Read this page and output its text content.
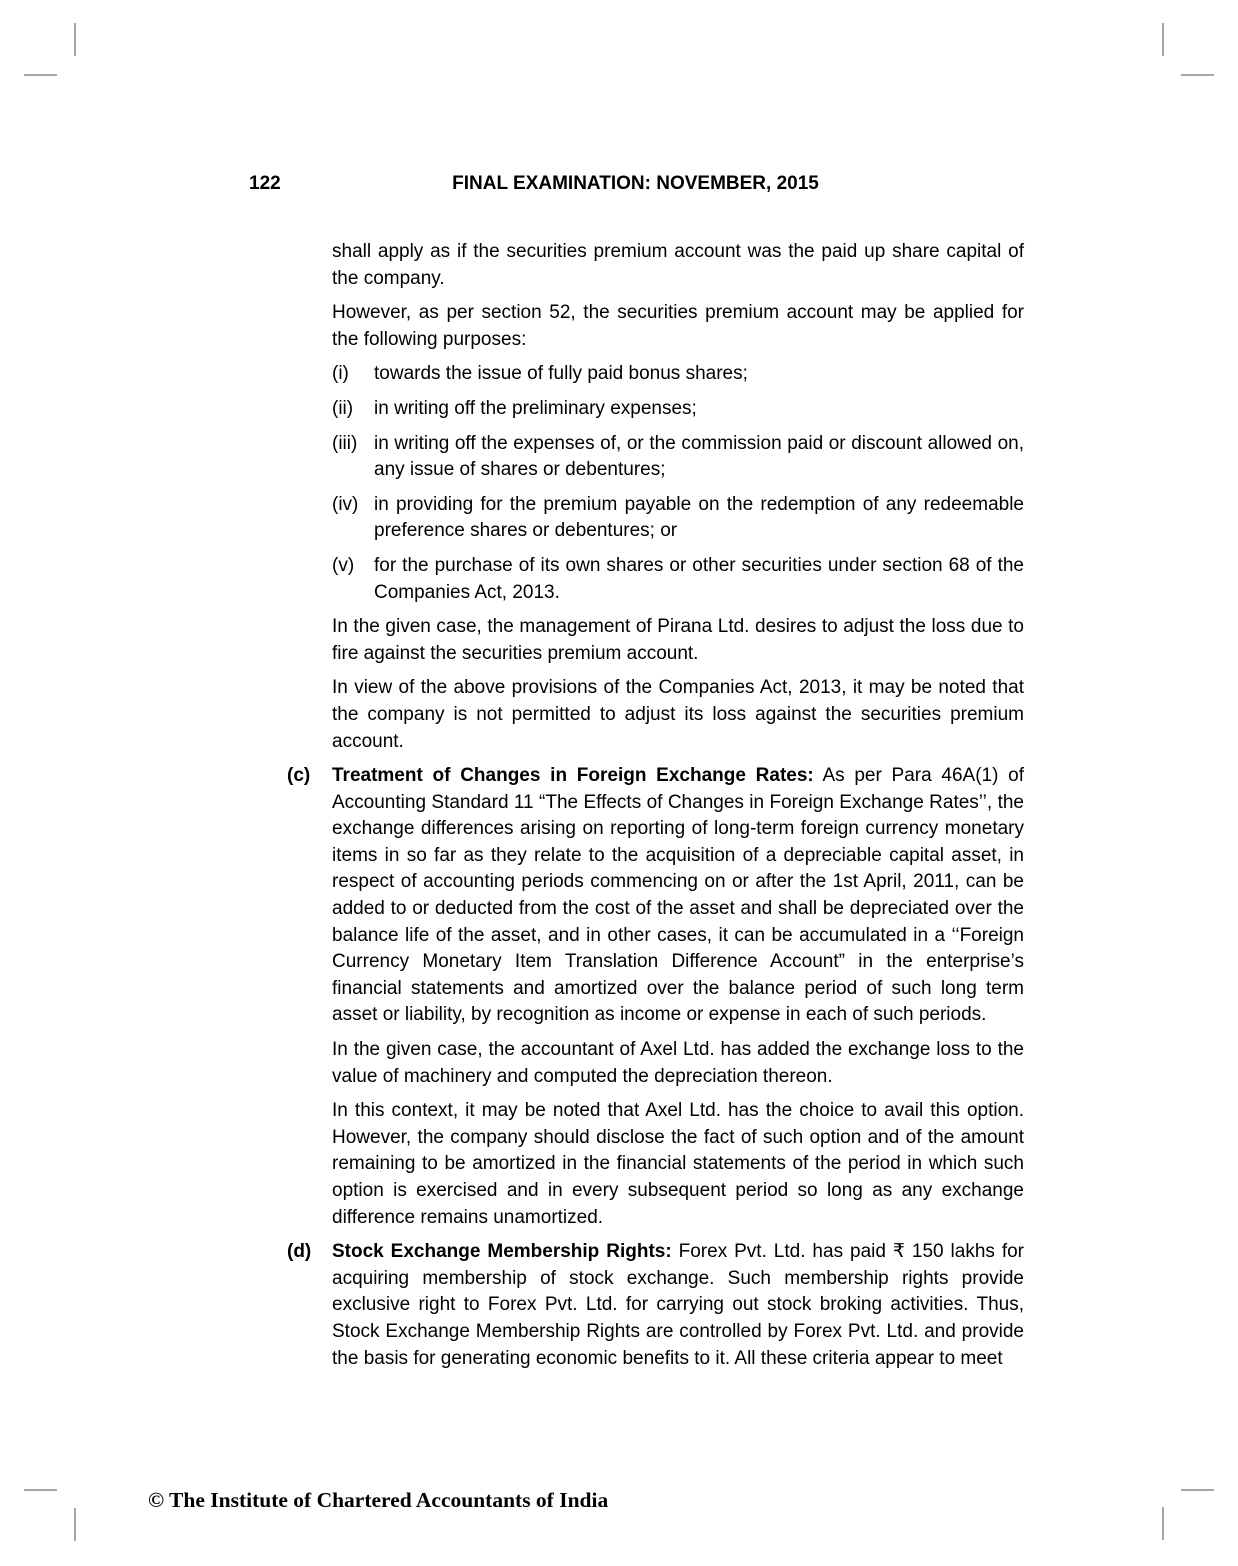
FINAL EXAMINATION: NOVEMBER, 2015
122

shall apply as if the securities premium account was the paid up share capital of the company.

However, as per section 52, the securities premium account may be applied for the following purposes:

(i)	towards the issue of fully paid bonus shares;
(ii)	in writing off the preliminary expenses;
(iii) in writing off the expenses of, or the commission paid or discount allowed on, any issue of shares or debentures;
(iv) in providing for the premium payable on the redemption of any redeemable preference shares or debentures; or
(v)	for the purchase of its own shares or other securities under section 68 of the Companies Act, 2013.

In the given case, the management of Pirana Ltd. desires to adjust the loss due to fire against the securities premium account.

In view of the above provisions of the Companies Act, 2013, it may be noted that the company is not permitted to adjust its loss against the securities premium account.

(c)	Treatment of Changes in Foreign Exchange Rates: As per Para 46A(1) of Accounting Standard 11 “The Effects of Changes in Foreign Exchange Rates’’, the exchange differences arising on reporting of long-term foreign currency monetary items in so far as they relate to the acquisition of a depreciable capital asset, in respect of accounting periods commencing on or after the 1st April, 2011, can be added to or deducted from the cost of the asset and shall be depreciated over the balance life of the asset, and in other cases, it can be accumulated in a ‘‘Foreign Currency Monetary Item Translation Difference Account” in the enterprise’s financial statements and amortized over the balance period of such long term asset or liability, by recognition as income or expense in each of such periods.

In the given case, the accountant of Axel Ltd. has added the exchange loss to the value of machinery and computed the depreciation thereon.

In this context, it may be noted that Axel Ltd. has the choice to avail this option. However, the company should disclose the fact of such option and of the amount remaining to be amortized in the financial statements of the period in which such option is exercised and in every subsequent period so long as any exchange difference remains unamortized.

(d)	Stock Exchange Membership Rights: Forex Pvt. Ltd. has paid ₹ 150 lakhs for acquiring membership of stock exchange. Such membership rights provide exclusive right to Forex Pvt. Ltd. for carrying out stock broking activities. Thus, Stock Exchange Membership Rights are controlled by Forex Pvt. Ltd. and provide the basis for generating economic benefits to it. All these criteria appear to meet
© The Institute of Chartered Accountants of India
